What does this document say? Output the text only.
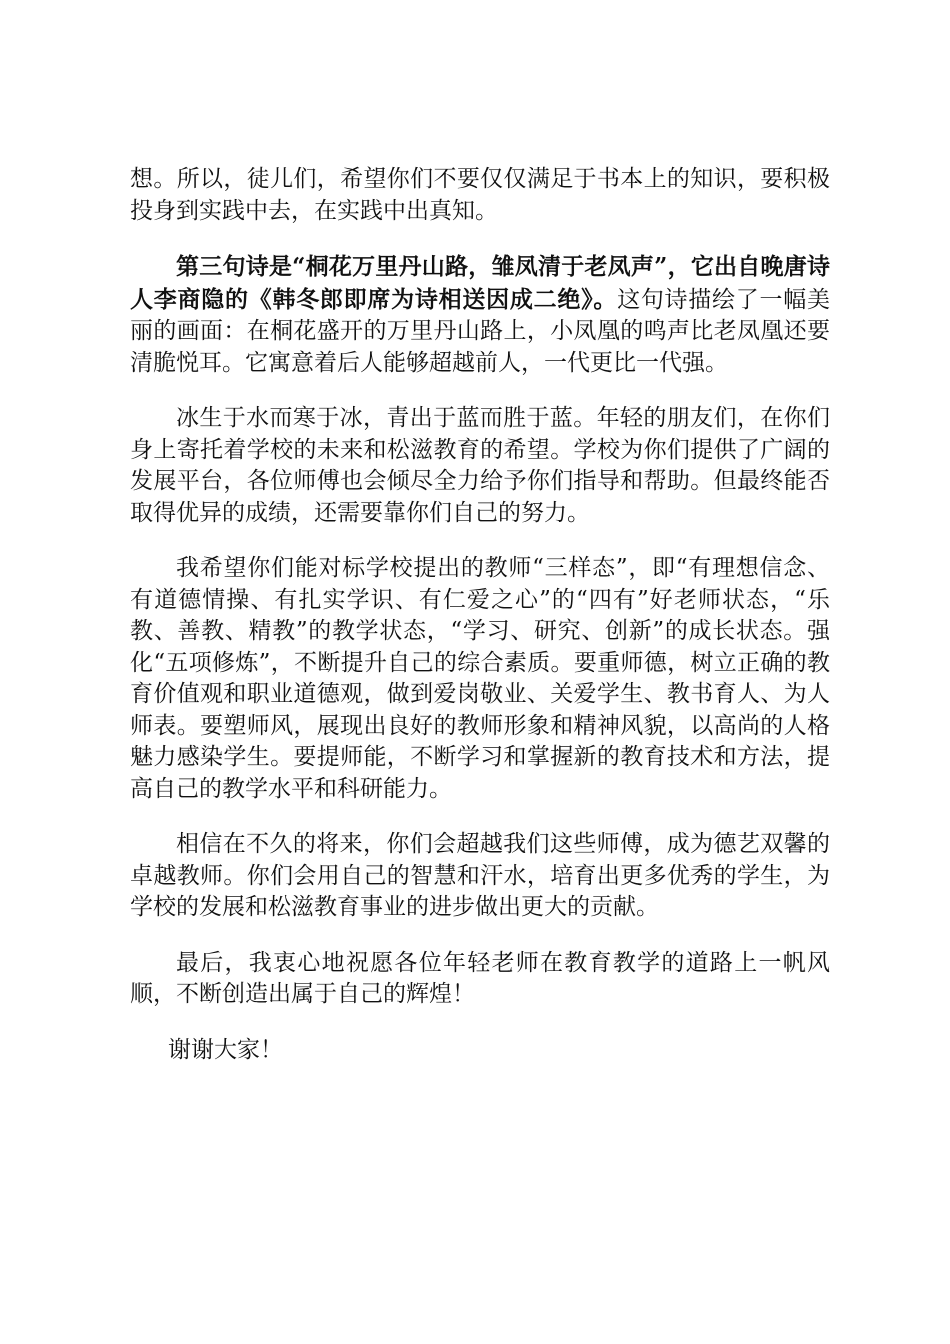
想。所以，徒儿们，希望你们不要仅仅满足于书本上的知识，要积极投身到实践中去，在实践中出真知。

第三句诗是“桐花万里丹山路，雏凤清于老凤声”，它出自晚唐诗人李商隐的《韩冬郎即席为诗相送因成二绝》。这句诗描绘了一幅美丽的画面：在桐花盛开的万里丹山路上，小凤凰的鸣声比老凤凰还要清脆悦耳。它寓意着后人能够超越前人，一代更比一代强。

冰生于水而寒于冰，青出于蓝而胜于蓝。年轻的朋友们，在你们身上寄托着学校的未来和松滋教育的希望。学校为你们提供了广阔的发展平台，各位师傅也会倾尽全力给予你们指导和帮助。但最终能否取得优异的成绩，还需要靠你们自己的努力。

我希望你们能对标学校提出的教师“三样态”，即“有理想信念、有道德情操、有扎实学识、有仁爱之心”的“四有”好老师状态，“乐教、善教、精教”的教学状态，“学习、研究、创新”的成长状态。强化“五项修炼”，不断提升自己的综合素质。要重师德，树立正确的教育价值观和职业道德观，做到爱岗敬业、关爱学生、教书育人、为人师表。要塑师风，展现出良好的教师形象和精神风貌，以高尚的人格魅力感染学生。要提师能，不断学习和掌握新的教育技术和方法，提高自己的教学水平和科研能力。

相信在不久的将来，你们会超越我们这些师傅，成为德艺双馨的卓越教师。你们会用自己的智慧和汗水，培育出更多优秀的学生，为学校的发展和松滋教育事业的进步做出更大的贡献。

最后，我衷心地祝愿各位年轻老师在教育教学的道路上一帆风顺，不断创造出属于自己的辉煌！

谢谢大家！
